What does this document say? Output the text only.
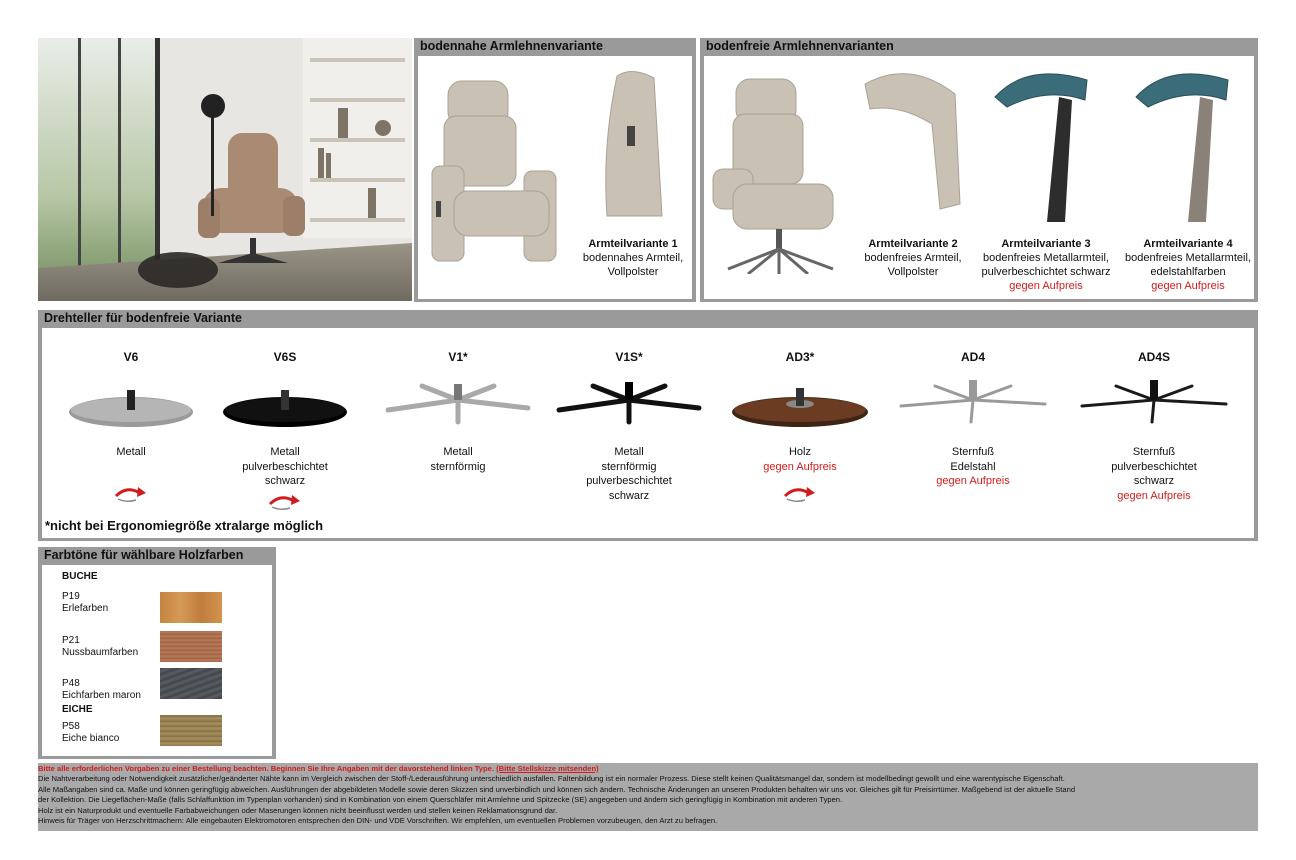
bodennahe Armlehnenvariante
Armteilvariante 1
bodennahes Armteil,
Vollpolster
bodenfreie Armlehnenvarianten
Armteilvariante 2
bodenfreies Armteil,
Vollpolster
Armteilvariante 3
bodenfreies Metallarmteil,
pulverbeschichtet schwarz
gegen Aufpreis
Armteilvariante 4
bodenfreies Metallarmteil,
edelstahlfarben
gegen Aufpreis
Drehteller für bodenfreie Variante
V6
Metall
V6S
Metall
pulverbeschichtet
schwarz
V1*
Metall
sternförmig
V1S*
Metall
sternförmig
pulverbeschichtet
schwarz
AD3*
Holz
gegen Aufpreis
AD4
Sternfuß
Edelstahl
gegen Aufpreis
AD4S
Sternfuß
pulverbeschichtet
schwarz
gegen Aufpreis
*nicht bei Ergonomiegröße xtralarge möglich
Farbtöne für wählbare Holzfarben
BUCHE
P19
Erlefarben
P21
Nussbaumfarben
P48
Eichfarben maron
EICHE
P58
Eiche bianco
Bitte alle erforderlichen Vorgaben zu einer Bestellung beachten. Beginnen Sie Ihre Angaben mit der davorstehend linken Type. (Bitte Stellskizze mitsenden)
Die Nahtverarbeitung oder Notwendigkeit zusätzlicher/geänderter Nähte kann im Vergleich zwischen der Stoff-/Lederausführung unterschiedlich ausfallen. Faltenbildung ist ein normaler Prozess. Diese stellt keinen Qualitätsmangel dar, sondern ist modellbedingt gewollt und eine warentypische Eigenschaft.
Alle Maßangaben sind ca. Maße und können geringfügig abweichen. Ausführungen der abgebildeten Modelle sowie deren Skizzen sind unverbindlich und können sich ändern. Technische Änderungen an unseren Produkten behalten wir uns vor. Gleiches gilt für Preisirrtümer. Maßgebend ist der aktuelle Stand
der Kollektion. Die Liegeflächen-Maße (falls Schlaffunktion im Typenplan vorhanden) sind in Kombination von einem Querschläfer mit Armlehne und Spitzecke (SE) angegeben und ändern sich geringfügig in Kombination mit anderen Typen.
Holz ist ein Naturprodukt und eventuelle Farbabweichungen oder Maserungen können nicht beeinflusst werden und stellen keinen Reklamationsgrund dar.
Hinweis für Träger von Herzschrittmachern: Alle eingebauten Elektromotoren entsprechen den DIN- und VDE Vorschriften. Wir empfehlen, um eventuellen Problemen vorzubeugen, den Arzt zu befragen.
